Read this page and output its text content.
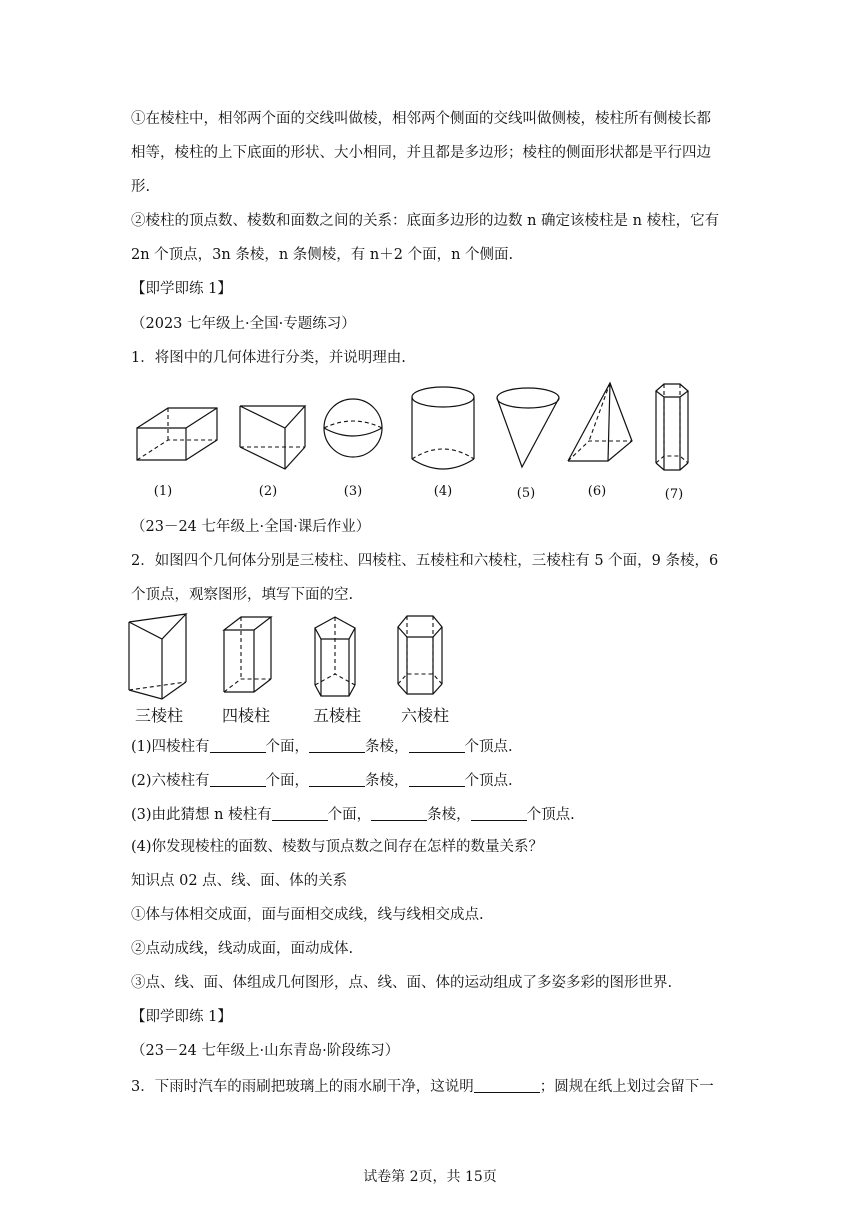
①在棱柱中，相邻两个面的交线叫做棱，相邻两个侧面的交线叫做侧棱，棱柱所有侧棱长都
相等，棱柱的上下底面的形状、大小相同，并且都是多边形；棱柱的侧面形状都是平行四边
形.
②棱柱的顶点数、棱数和面数之间的关系：底面多边形的边数 n 确定该棱柱是 n 棱柱，它有
2n 个顶点，3n 条棱，n 条侧棱，有 n＋2 个面，n 个侧面.
【即学即练 1】
（2023 七年级上·全国·专题练习）
1．将图中的几何体进行分类，并说明理由.
(1)	(2)	(3)	(4)	(5)	(6)	(7)
（23－24 七年级上·全国·课后作业）
2．如图四个几何体分别是三棱柱、四棱柱、五棱柱和六棱柱，三棱柱有 5 个面，9 条棱，6
个顶点，观察图形，填写下面的空.
三棱柱 四棱柱	五棱柱 六棱柱
(1)四棱柱有	个面，	条棱，	个顶点.
(2)六棱柱有	个面，	条棱，	个顶点.
(3)由此猜想 n 棱柱有	个面，	条棱，	个顶点.
(4)你发现棱柱的面数、棱数与顶点数之间存在怎样的数量关系？
知识点 02 点、线、面、体的关系
①体与体相交成面，面与面相交成线，线与线相交成点.
②点动成线，线动成面，面动成体.
③点、线、面、体组成几何图形，点、线、面、体的运动组成了多姿多彩的图形世界.
【即学即练 1】
（23－24 七年级上·山东青岛·阶段练习）
3．下雨时汽车的雨刷把玻璃上的雨水刷干净，这说明	；圆规在纸上划过会留下一
试卷第 2页，共 15页
